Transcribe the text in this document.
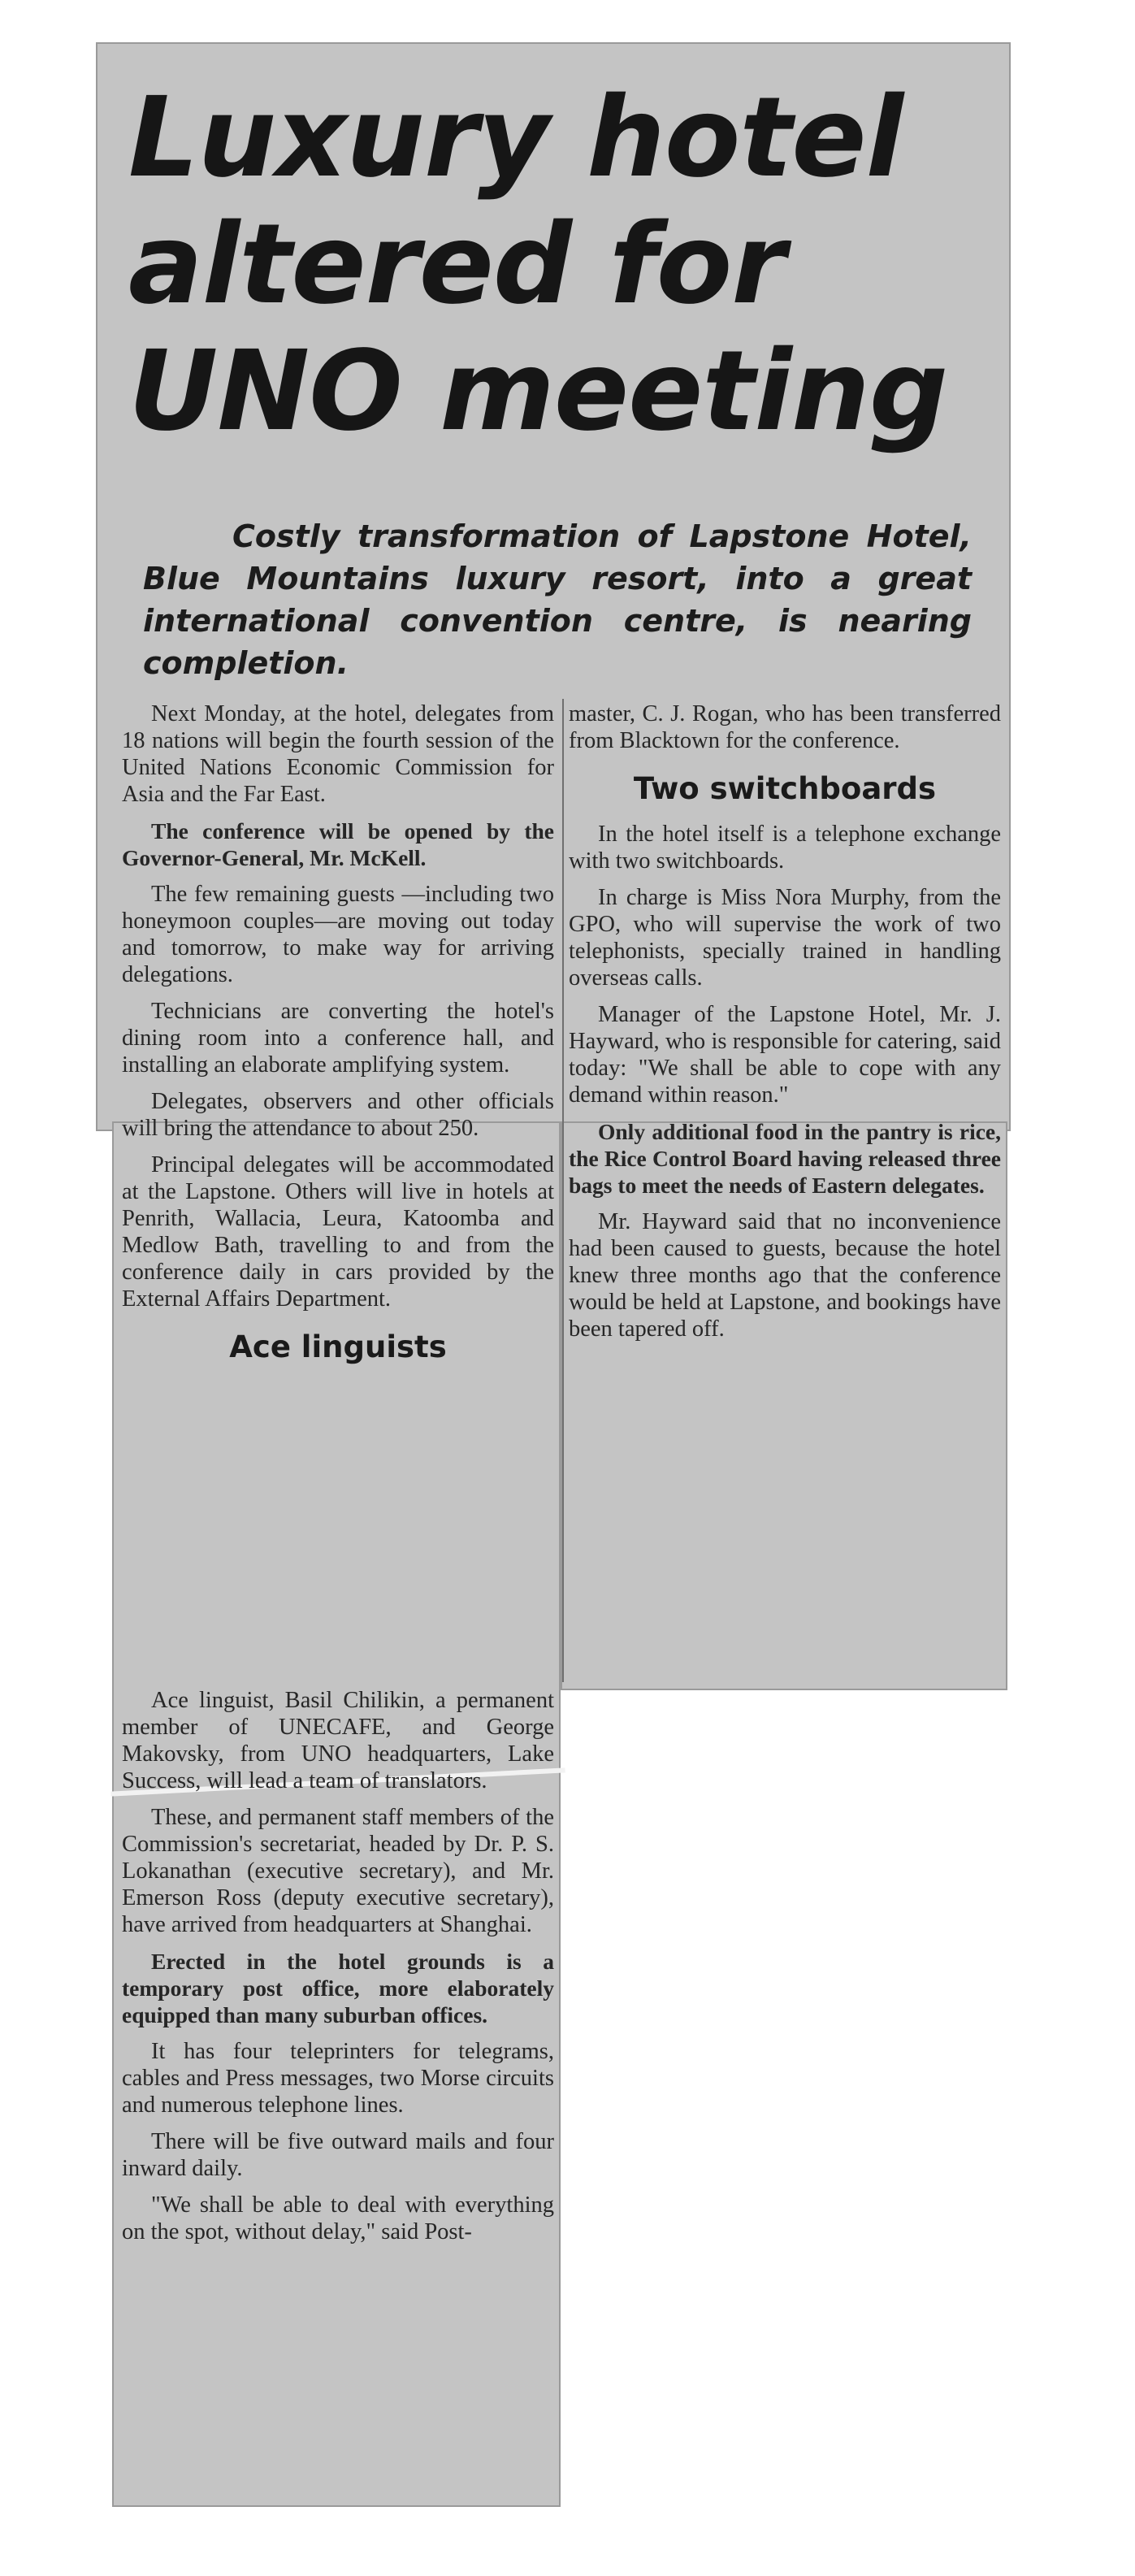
Luxury hotel
altered for
UNO meeting

Costly transformation of Lapstone Hotel, Blue Mountains luxury resort, into a great international convention centre, is nearing completion.

Next Monday, at the hotel, delegates from 18 nations will begin the fourth session of the United Nations Economic Commission for Asia and the Far East.

The conference will be opened by the Governor-General, Mr. McKell.

The few remaining guests —including two honeymoon couples—are moving out today and tomorrow, to make way for arriving delegations.

Technicians are converting the hotel's dining room into a conference hall, and installing an elaborate amplifying system.

Delegates, observers and other officials will bring the attendance to about 250.

Principal delegates will be accommodated at the Lapstone. Others will live in hotels at Penrith, Wallacia, Leura, Katoomba and Medlow Bath, travelling to and from the conference daily in cars provided by the External Affairs Department.

Ace linguists

Ace linguist, Basil Chilikin, a permanent member of UNECAFE, and George Makovsky, from UNO headquarters, Lake Success, will lead a team of translators.

These, and permanent staff members of the Commission's secretariat, headed by Dr. P. S. Lokanathan (executive secretary), and Mr. Emerson Ross (deputy executive secretary), have arrived from headquarters at Shanghai.

Erected in the hotel grounds is a temporary post office, more elaborately equipped than many suburban offices.

It has four teleprinters for telegrams, cables and Press messages, two Morse circuits and numerous telephone lines.

There will be five outward mails and four inward daily.

"We shall be able to deal with everything on the spot, without delay," said Post-

master, C. J. Rogan, who has been transferred from Blacktown for the conference.

Two switchboards

In the hotel itself is a telephone exchange with two switchboards.

In charge is Miss Nora Murphy, from the GPO, who will supervise the work of two telephonists, specially trained in handling overseas calls.

Manager of the Lapstone Hotel, Mr. J. Hayward, who is responsible for catering, said today: "We shall be able to cope with any demand within reason."

Only additional food in the pantry is rice, the Rice Control Board having released three bags to meet the needs of Eastern delegates.

Mr. Hayward said that no inconvenience had been caused to guests, because the hotel knew three months ago that the conference would be held at Lapstone, and bookings have been tapered off.
